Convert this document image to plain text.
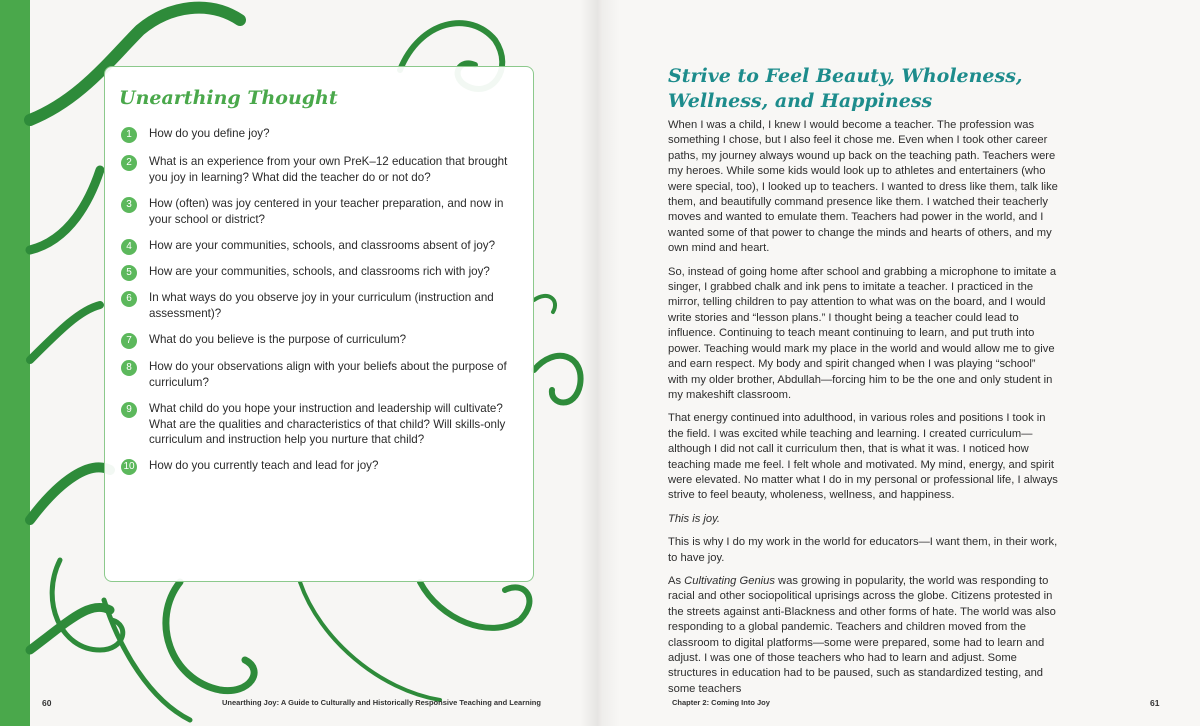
Unearthing Thought
1	How do you define joy?
2	What is an experience from your own PreK–12 education that brought you joy in learning? What did the teacher do or not do?
3	How (often) was joy centered in your teacher preparation, and now in your school or district?
4	How are your communities, schools, and classrooms absent of joy?
5	How are your communities, schools, and classrooms rich with joy?
6	In what ways do you observe joy in your curriculum (instruction and assessment)?
7	What do you believe is the purpose of curriculum?
8	How do your observations align with your beliefs about the purpose of curriculum?
9	What child do you hope your instruction and leadership will cultivate? What are the qualities and characteristics of that child? Will skills-only curriculum and instruction help you nurture that child?
10 How do you currently teach and lead for joy?
60	Unearthing Joy: A Guide to Culturally and Historically Responsive Teaching and Learning
Strive to Feel Beauty, Wholeness, Wellness, and Happiness

When I was a child, I knew I would become a teacher. The profession was something I chose, but I also feel it chose me. Even when I took other career paths, my journey always wound up back on the teaching path. Teachers were my heroes. While some kids would look up to athletes and entertainers (who were special, too), I looked up to teachers. I wanted to dress like them, talk like them, and beautifully command presence like them. I watched their teacherly moves and wanted to emulate them. Teachers had power in the world, and I wanted some of that power to change the minds and hearts of others, and my own mind and heart.

So, instead of going home after school and grabbing a microphone to imitate a singer, I grabbed chalk and ink pens to imitate a teacher. I practiced in the mirror, telling children to pay attention to what was on the board, and I would write stories and “lesson plans.” I thought being a teacher could lead to influence. Continuing to teach meant continuing to learn, and put truth into power. Teaching would mark my place in the world and would allow me to give and earn respect. My body and spirit changed when I was playing “school” with my older brother, Abdullah—forcing him to be the one and only student in my makeshift classroom.

That energy continued into adulthood, in various roles and positions I took in the field. I was excited while teaching and learning. I created curriculum—although I did not call it curriculum then, that is what it was. I noticed how teaching made me feel. I felt whole and motivated. My mind, energy, and spirit were elevated. No matter what I do in my personal or professional life, I always strive to feel beauty, wholeness, wellness, and happiness.

This is joy.

This is why I do my work in the world for educators—I want them, in their work, to have joy.

As Cultivating Genius was growing in popularity, the world was responding to racial and other sociopolitical uprisings across the globe. Citizens protested in the streets against anti-Blackness and other forms of hate. The world was also responding to a global pandemic. Teachers and children moved from the classroom to digital platforms—some were prepared, some had to learn and adjust. I was one of those teachers who had to learn and adjust. Some structures in education had to be paused, such as standardized testing, and some teachers

Chapter 2: Coming Into Joy	61
